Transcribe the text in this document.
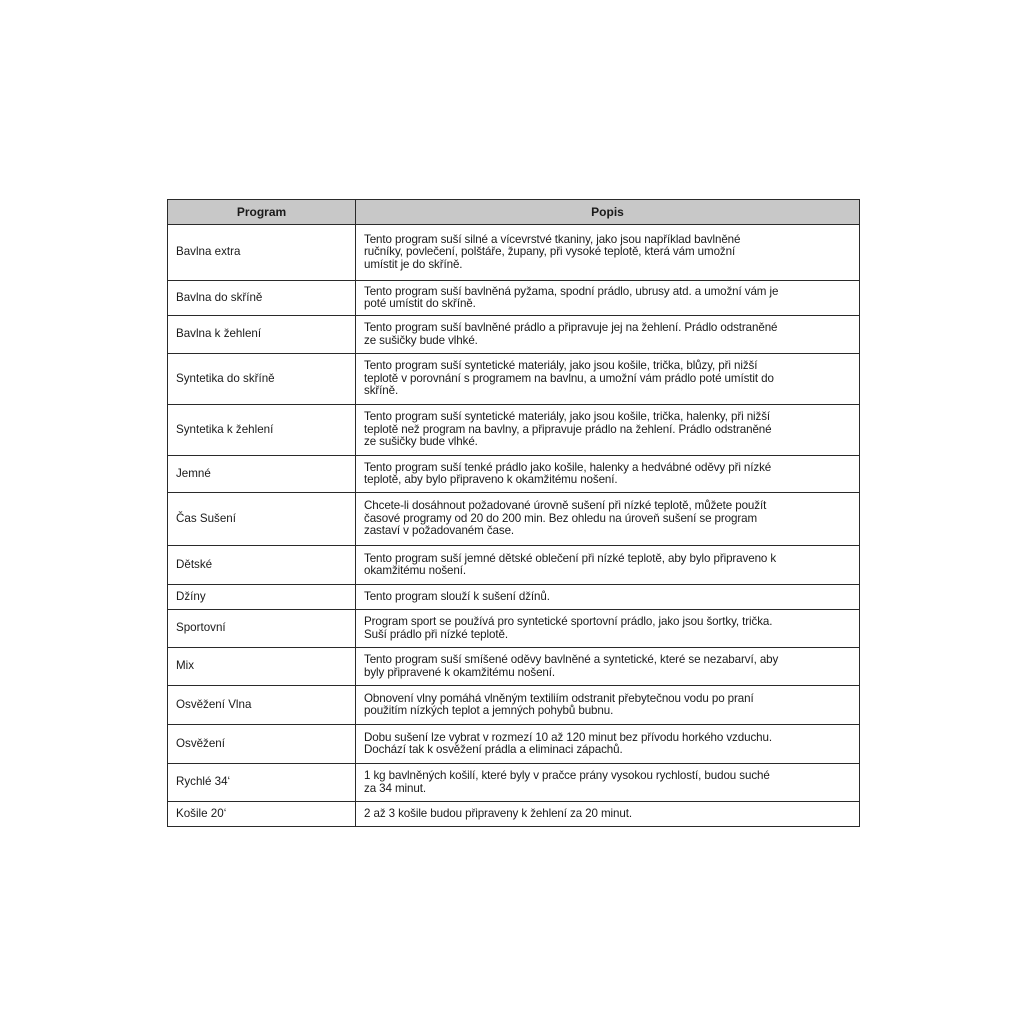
Program	Popis
Bavlna extra	Tento program suší silné a vícevrstvé tkaniny, jako jsou například bavlněné
ručníky, povlečení, polštáře, župany, při vysoké teplotě, která vám umožní
umístit je do skříně.
Bavlna do skříně	Tento program suší bavlněná pyžama, spodní prádlo, ubrusy atd. a umožní vám je
poté umístit do skříně.
Bavlna k žehlení	Tento program suší bavlněné prádlo a připravuje jej na žehlení. Prádlo odstraněné
ze sušičky bude vlhké.
Syntetika do skříně	Tento program suší syntetické materiály, jako jsou košile, trička, blůzy, při nižší
teplotě v porovnání s programem na bavlnu, a umožní vám prádlo poté umístit do
skříně.
Syntetika k žehlení	Tento program suší syntetické materiály, jako jsou košile, trička, halenky, při nižší
teplotě než program na bavlny, a připravuje prádlo na žehlení. Prádlo odstraněné
ze sušičky bude vlhké.
Jemné	Tento program suší tenké prádlo jako košile, halenky a hedvábné oděvy při nízké
teplotě, aby bylo připraveno k okamžitému nošení.
Čas Sušení	Chcete-li dosáhnout požadované úrovně sušení při nízké teplotě, můžete použít
časové programy od 20 do 200 min. Bez ohledu na úroveň sušení se program
zastaví v požadovaném čase.
Dětské	Tento program suší jemné dětské oblečení při nízké teplotě, aby bylo připraveno k
okamžitému nošení.
Džíny	Tento program slouží k sušení džínů.
Sportovní	Program sport se používá pro syntetické sportovní prádlo, jako jsou šortky, trička.
Suší prádlo při nízké teplotě.
Mix	Tento program suší smíšené oděvy bavlněné a syntetické, které se nezabarví, aby
byly připravené k okamžitému nošení.
Osvěžení Vlna	Obnovení vlny pomáhá vlněným textiliím odstranit přebytečnou vodu po praní
použitím nízkých teplot a jemných pohybů bubnu.
Osvěžení	Dobu sušení lze vybrat v rozmezí 10 až 120 minut bez přívodu horkého vzduchu.
Dochází tak k osvěžení prádla a eliminaci zápachů.
Rychlé 34‘	1 kg bavlněných košilí, které byly v pračce prány vysokou rychlostí, budou suché
za 34 minut.
Košile 20‘	2 až 3 košile budou připraveny k žehlení za 20 minut.
